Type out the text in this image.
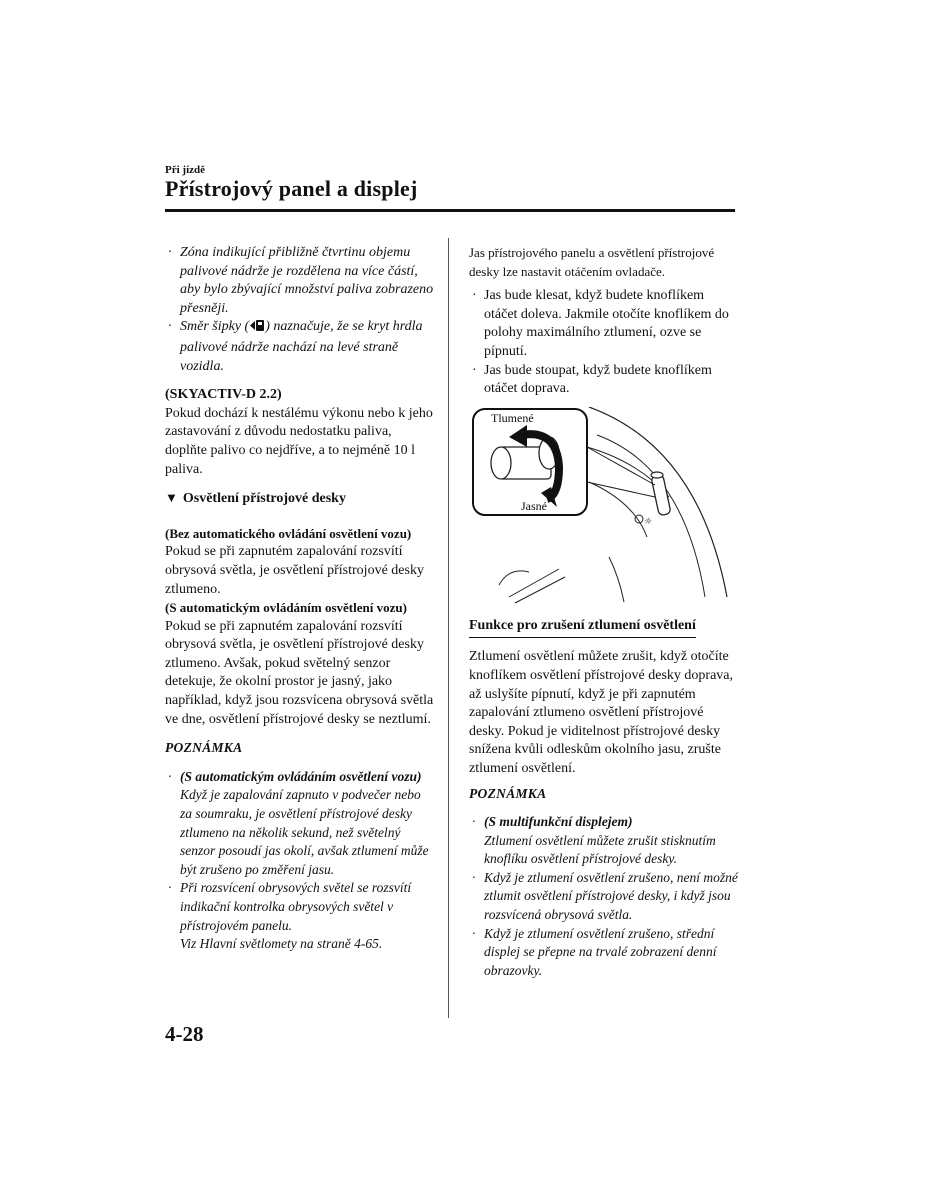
Při jízdě
Přístrojový panel a displej
· Zóna indikující přibližně čtvrtinu objemu palivové nádrže je rozdělena na více částí, aby bylo zbývající množství paliva zobrazeno přesněji.
· Směr šipky ( ) naznačuje, že se kryt hrdla palivové nádrže nachází na levé straně vozidla.
(SKYACTIV-D 2.2)
Pokud dochází k nestálému výkonu nebo k jeho zastavování z důvodu nedostatku paliva, doplňte palivo co nejdříve, a to nejméně 10 l paliva.
▼ Osvětlení přístrojové desky
(Bez automatického ovládání osvětlení vozu)
Pokud se při zapnutém zapalování rozsvítí obrysová světla, je osvětlení přístrojové desky ztlumeno.
(S automatickým ovládáním osvětlení vozu)
Pokud se při zapnutém zapalování rozsvítí obrysová světla, je osvětlení přístrojové desky ztlumeno. Avšak, pokud světelný senzor detekuje, že okolní prostor je jasný, jako například, když jsou rozsvícena obrysová světla ve dne, osvětlení přístrojové desky se neztlumí.
POZNÁMKA
· (S automatickým ovládáním osvětlení vozu)
Když je zapalování zapnuto v podvečer nebo za soumraku, je osvětlení přístrojové desky ztlumeno na několik sekund, než světelný senzor posoudí jas okolí, avšak ztlumení může být zrušeno po změření jasu.
· Při rozsvícení obrysových světel se rozsvítí indikační kontrolka obrysových světel v přístrojovém panelu.
Viz Hlavní světlomety na straně 4-65.
Jas přístrojového panelu a osvětlení přístrojové desky lze nastavit otáčením ovladače.
· Jas bude klesat, když budete knoflíkem otáčet doleva. Jakmile otočíte knoflíkem do polohy maximálního ztlumení, ozve se pípnutí.
· Jas bude stoupat, když budete knoflíkem otáčet doprava.
☼
Tlumené
Jasné
Funkce pro zrušení ztlumení osvětlení
Ztlumení osvětlení můžete zrušit, když otočíte knoflíkem osvětlení přístrojové desky doprava, až uslyšíte pípnutí, když je při zapnutém zapalování ztlumeno osvětlení přístrojové desky. Pokud je viditelnost přístrojové desky snížena kvůli odleskům okolního jasu, zrušte ztlumení osvětlení.
POZNÁMKA
· (S multifunkční displejem)
Ztlumení osvětlení můžete zrušit stisknutím knoflíku osvětlení přístrojové desky.
· Když je ztlumení osvětlení zrušeno, není možné ztlumit osvětlení přístrojové desky, i když jsou rozsvícená obrysová světla.
· Když je ztlumení osvětlení zrušeno, střední displej se přepne na trvalé zobrazení denní obrazovky.
4-28
